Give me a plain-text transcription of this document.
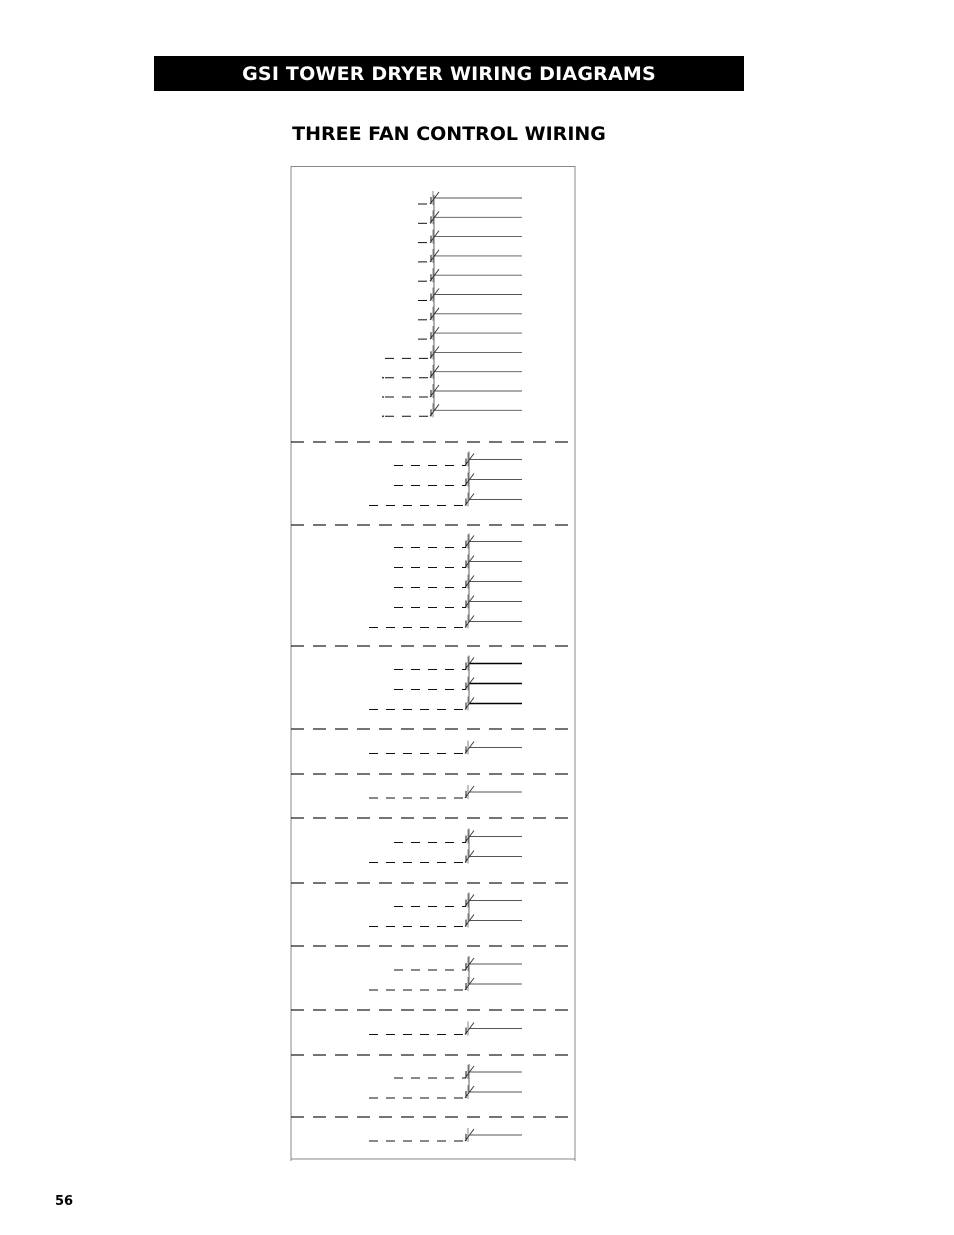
GSI TOWER DRYER WIRING DIAGRAMS
THREE FAN CONTROL WIRING
56
